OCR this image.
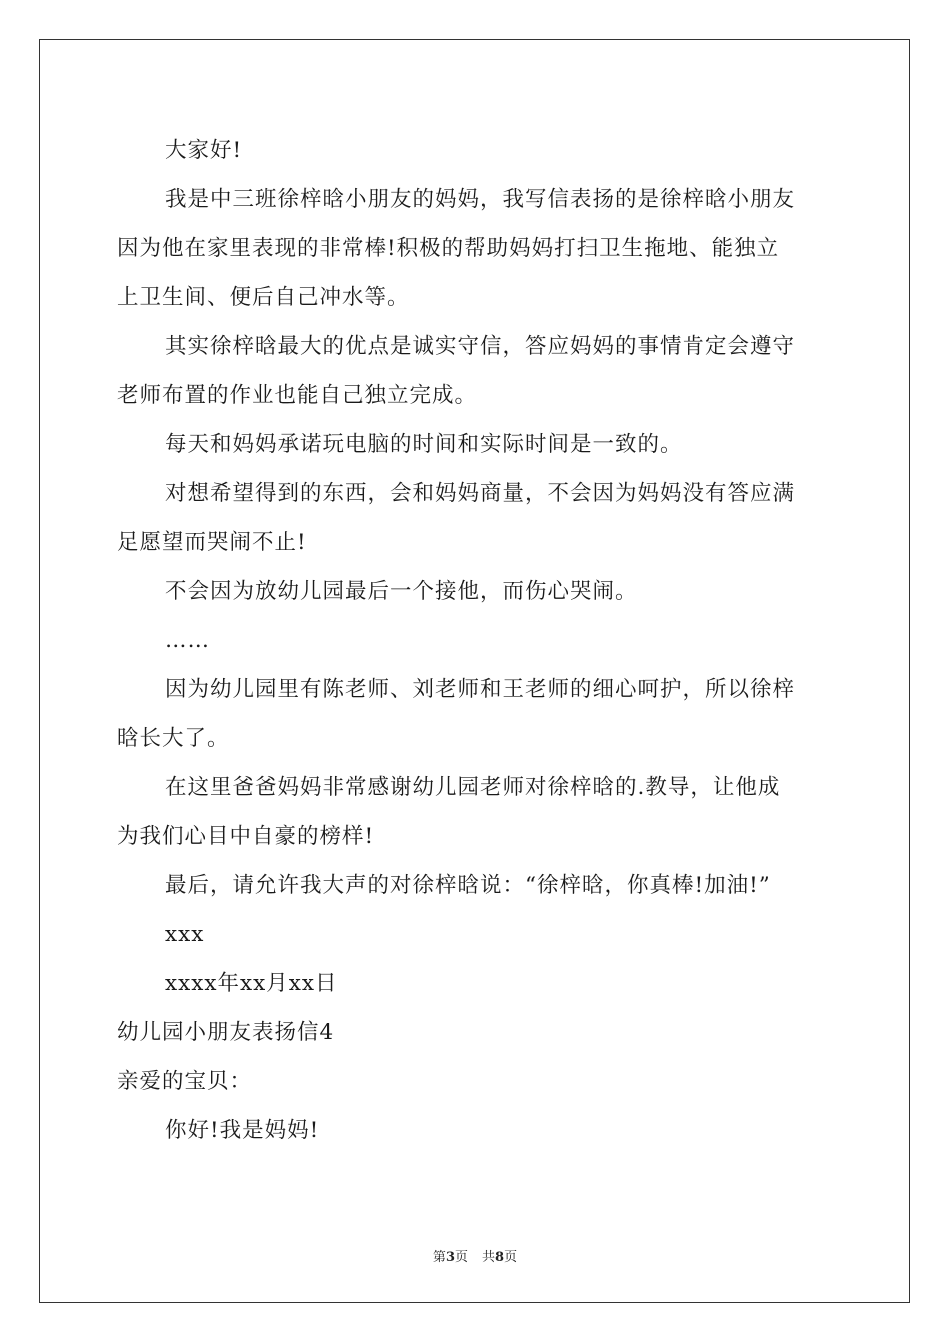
大家好!
我是中三班徐梓晗小朋友的妈妈，我写信表扬的是徐梓晗小朋友
因为他在家里表现的非常棒!积极的帮助妈妈打扫卫生拖地、能独立
上卫生间、便后自己冲水等。
其实徐梓晗最大的优点是诚实守信，答应妈妈的事情肯定会遵守
老师布置的作业也能自己独立完成。
每天和妈妈承诺玩电脑的时间和实际时间是一致的。
对想希望得到的东西，会和妈妈商量，不会因为妈妈没有答应满
足愿望而哭闹不止!
不会因为放幼儿园最后一个接他，而伤心哭闹。
……
因为幼儿园里有陈老师、刘老师和王老师的细心呵护，所以徐梓
晗长大了。
在这里爸爸妈妈非常感谢幼儿园老师对徐梓晗的.教导，让他成
为我们心目中自豪的榜样!
最后，请允许我大声的对徐梓晗说：“徐梓晗，你真棒!加油!”
xxx
xxxx年xx月xx日
幼儿园小朋友表扬信4
亲爱的宝贝：
你好!我是妈妈!
第3页 共8页
